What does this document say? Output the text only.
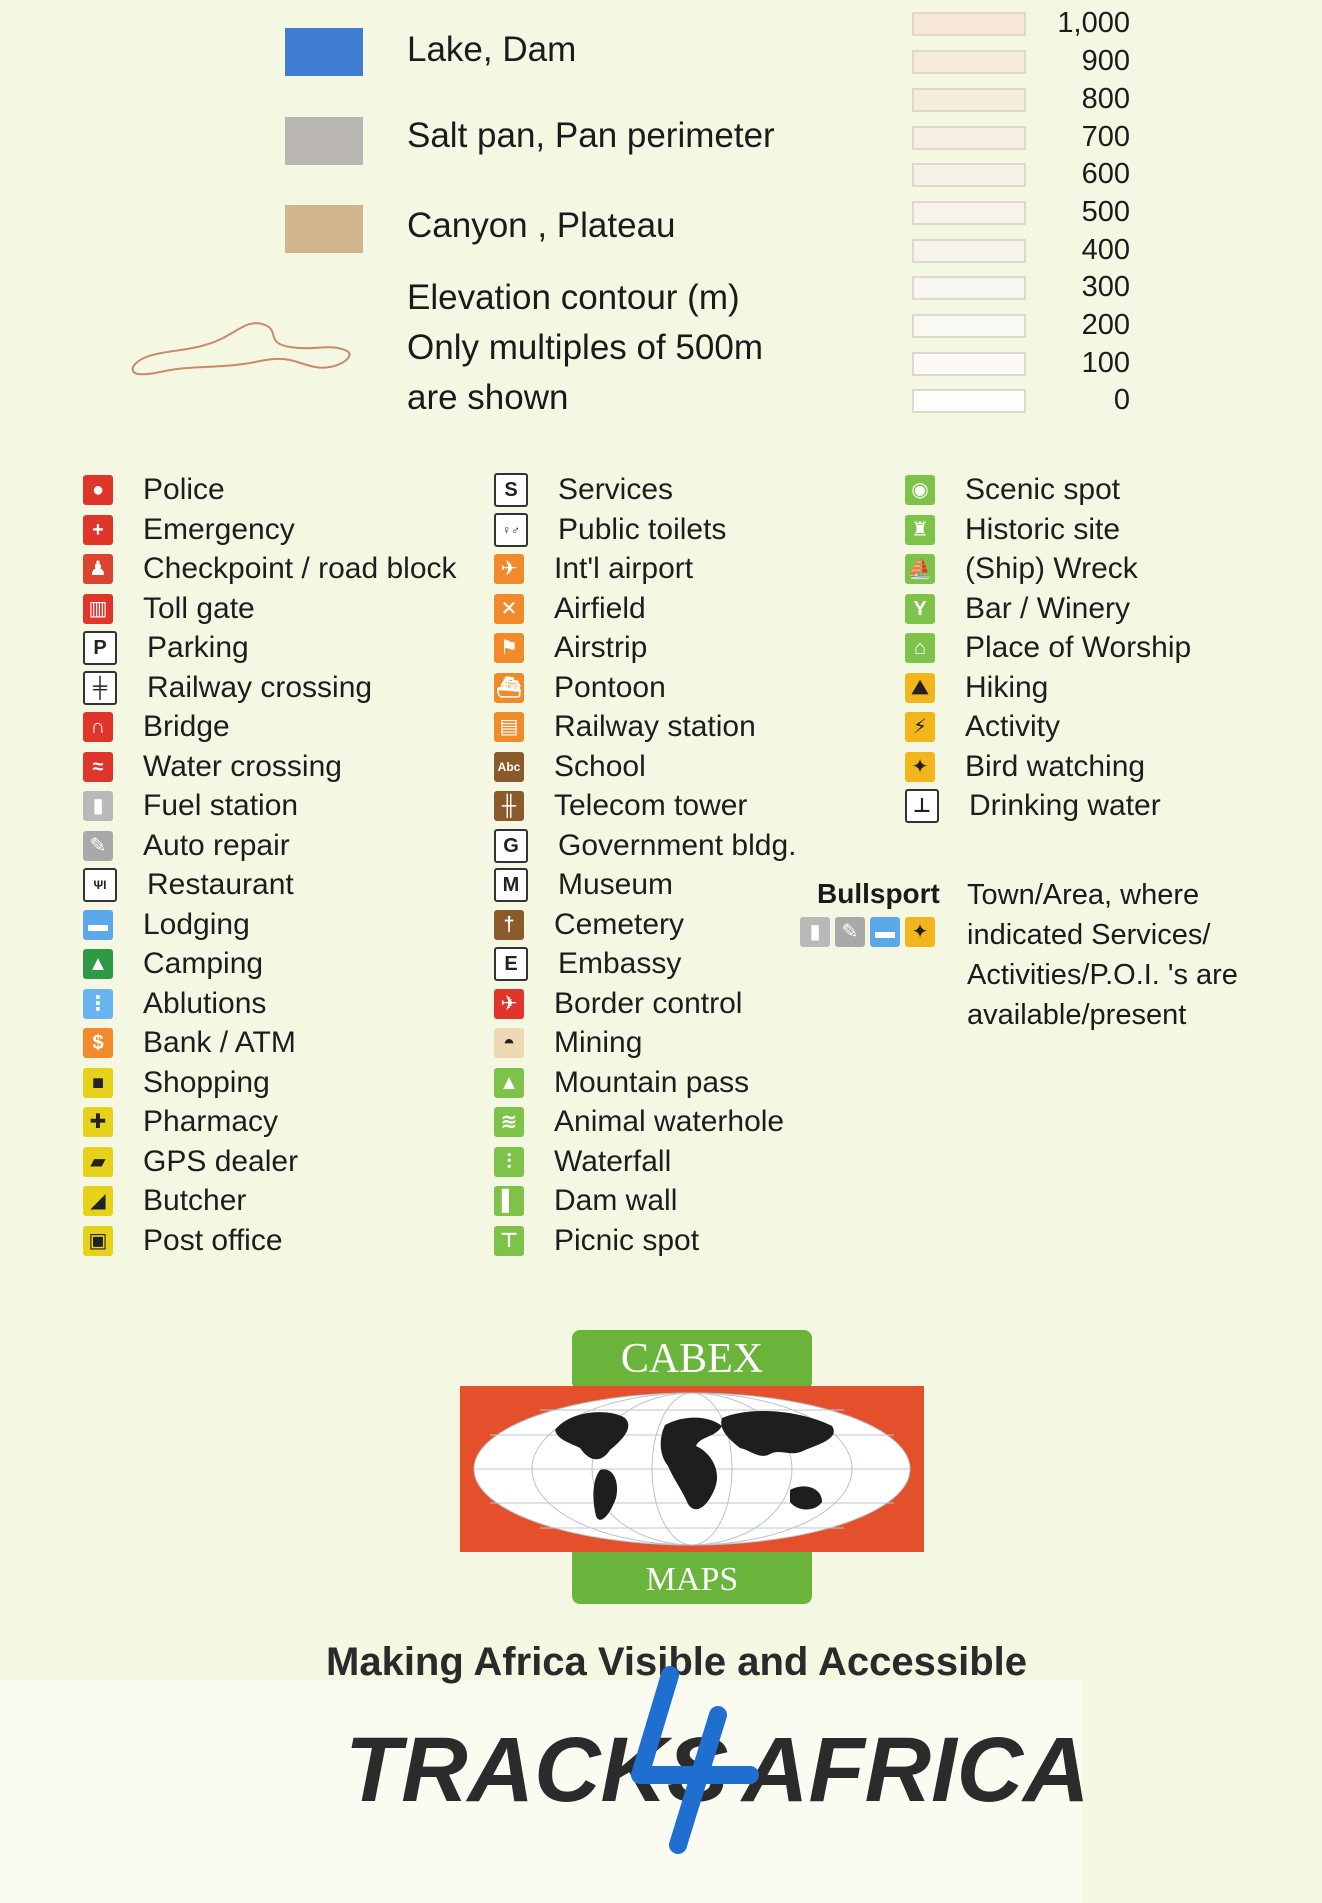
Lake, Dam
Salt pan, Pan perimeter
Canyon , Plateau
Elevation contour (m)
Only multiples of 500m
are shown
1,000
900
800
700
600
500
400
300
200
100
0
● Police
+	Emergency
♟ Checkpoint / road block
▥ Toll gate
P	Parking
╪	Railway crossing
∩ Bridge
≈	Water crossing
▮	Fuel station
✎ Auto repair
ΨΙ	Restaurant
▬ Lodging
▲ Camping
⋮ Ablutions
$	Bank / ATM
■ Shopping
✚ Pharmacy
▰ GPS dealer
◢ Butcher
▣ Post office
S	Services
♀♂ Public toilets
✈ Int'l airport
✕ Airfield
⚑ Airstrip
⛴ Pontoon
▤ Railway station
Abc School
╫ Telecom tower
G	Government bldg.
M Museum
†	Cemetery
E	Embassy
✈ Border control
◓ Mining
▲ Mountain pass
≋ Animal waterhole
⫶	Waterfall
▌ Dam wall
⊤ Picnic spot
◉ Scenic spot
♜ Historic site
⛵ (Ship) Wreck
Y Bar / Winery
⌂ Place of Worship
⛰ Hiking
⚡ Activity
✦ Bird watching
⊥ Drinking water
Bullsport
▮	✎ ▬ ✦
Town/Area, where
indicated Services/
Activities/P.O.I. 's are
available/present
CABEX
MAPS
Making Africa Visible and Accessible
TRACKS AFRICA
